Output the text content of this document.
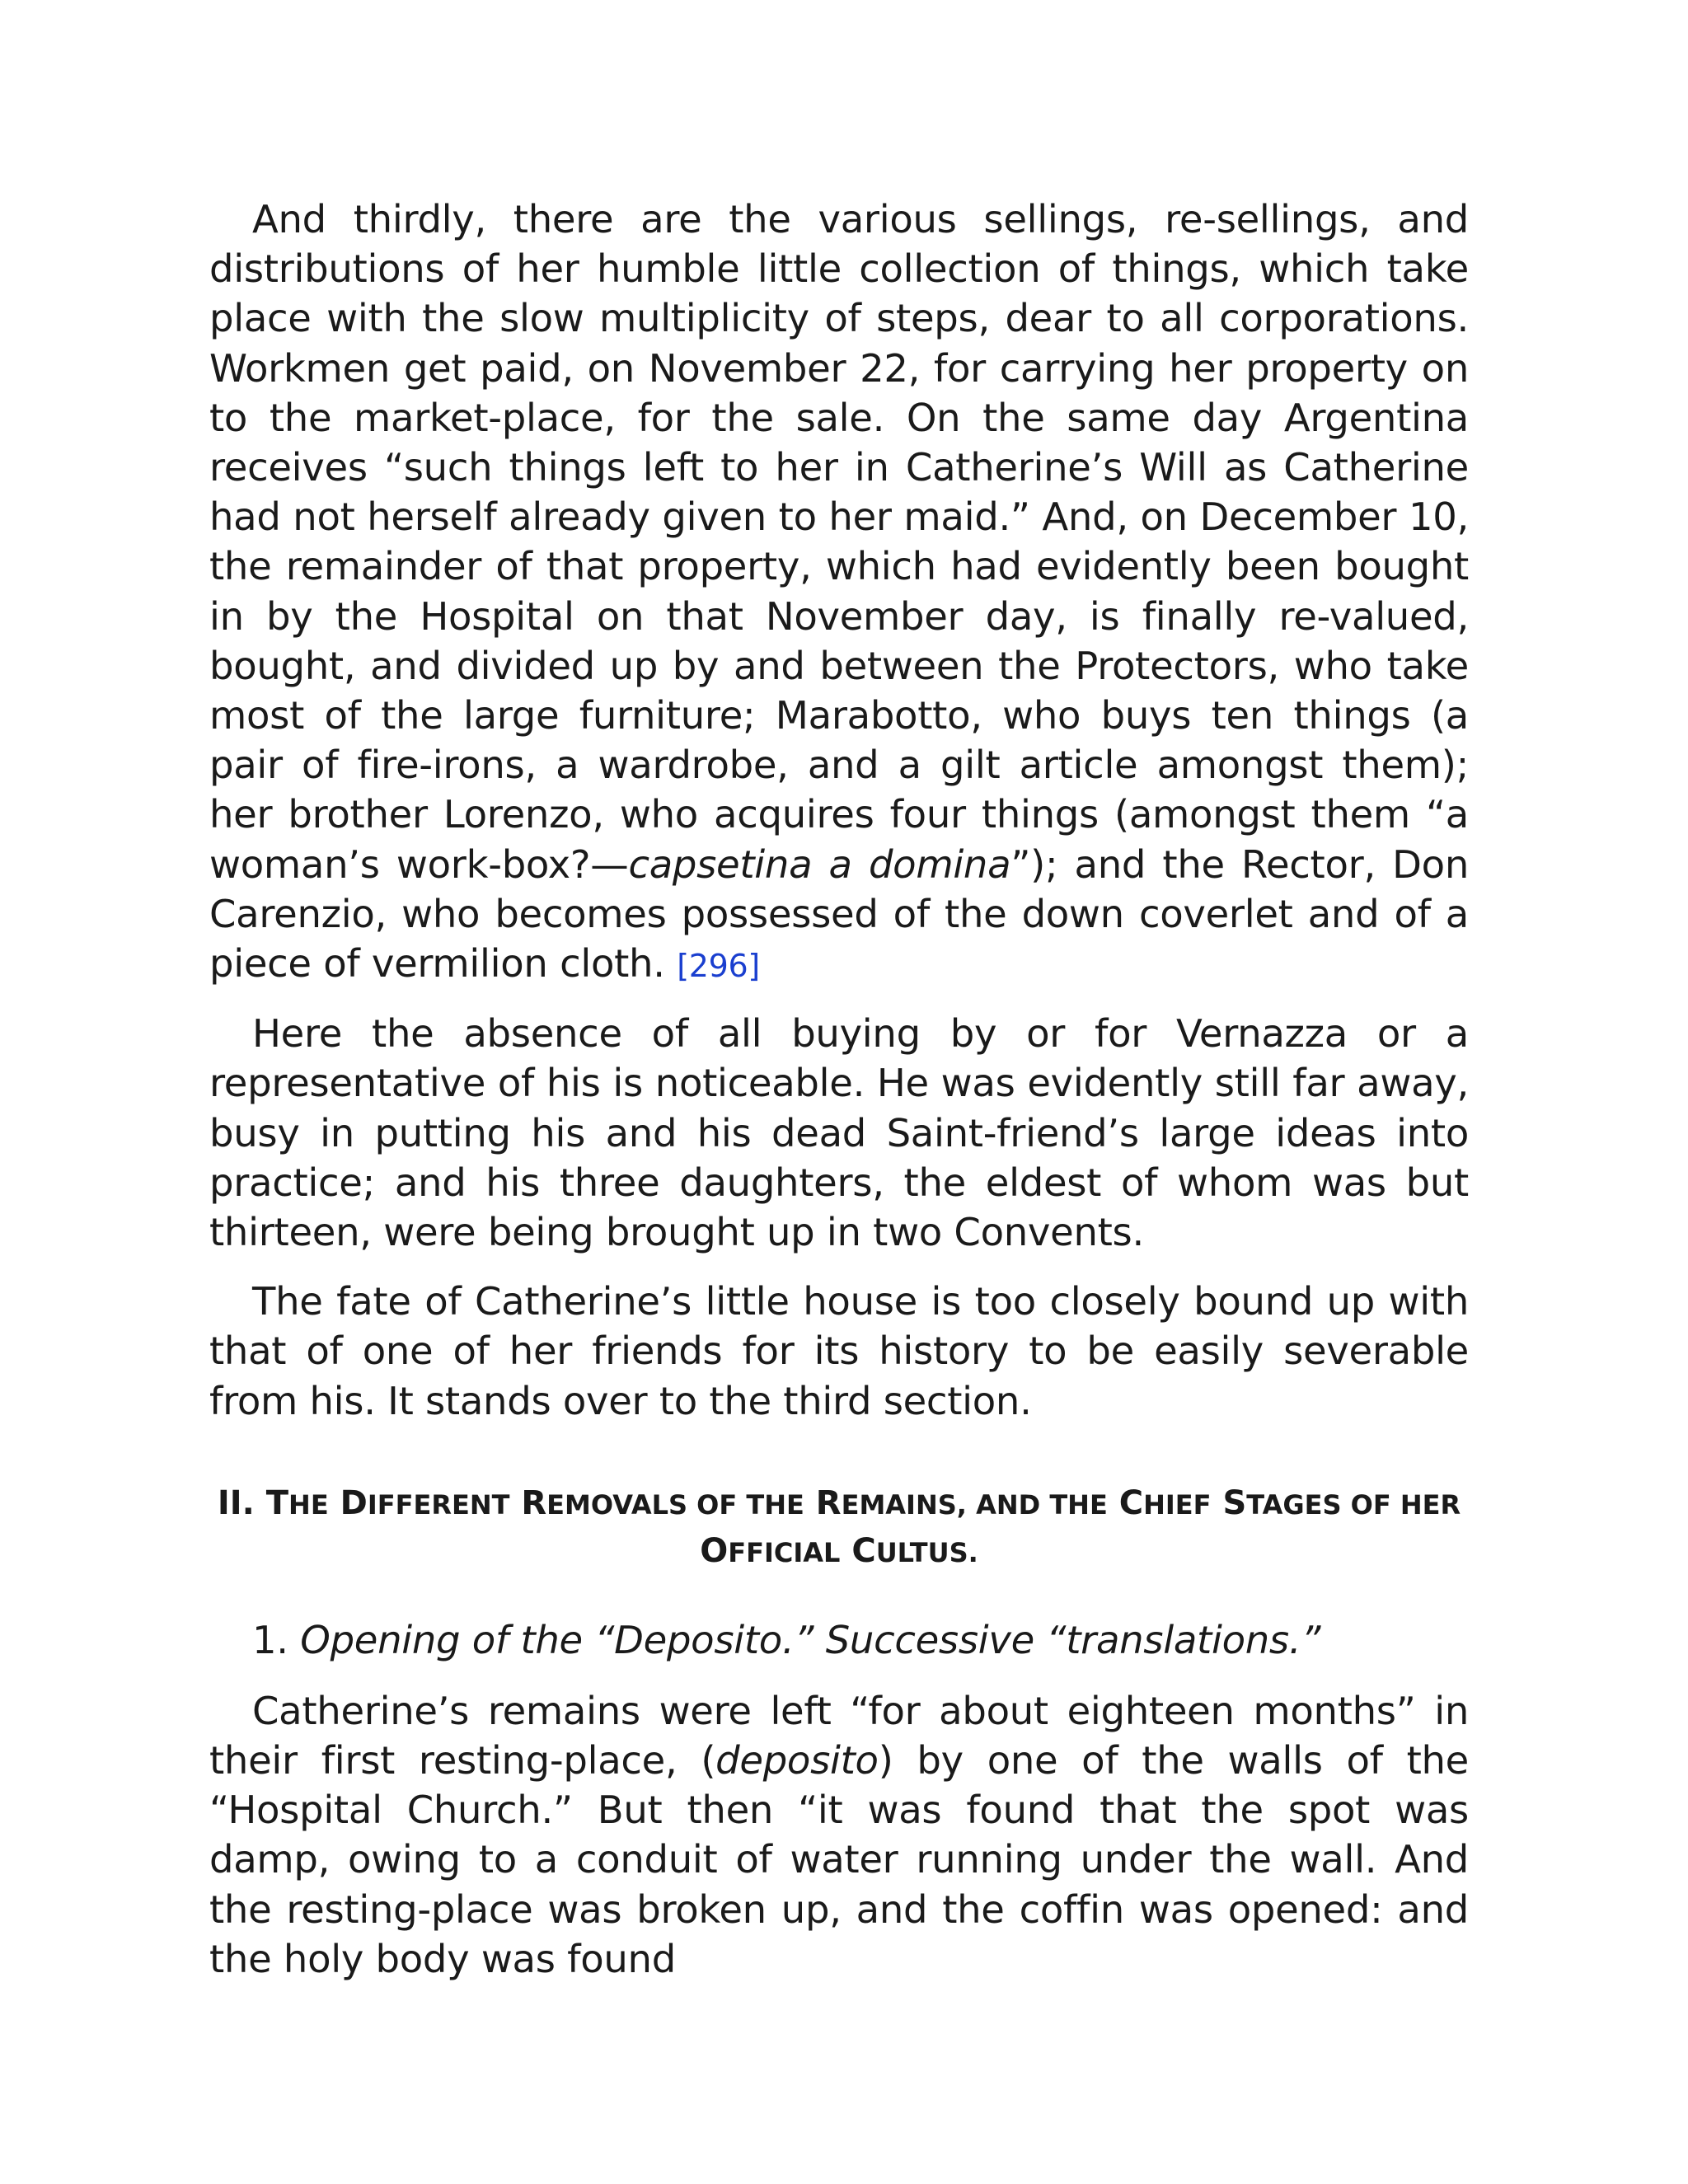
And thirdly, there are the various sellings, re-sellings, and distributions of her humble little collection of things, which take place with the slow multiplicity of steps, dear to all corporations. Workmen get paid, on November 22, for carrying her property on to the market-place, for the sale. On the same day Argentina receives “such things left to her in Catherine’s Will as Catherine had not herself already given to her maid.” And, on December 10, the remainder of that property, which had evidently been bought in by the Hospital on that November day, is finally re-valued, bought, and divided up by and between the Protectors, who take most of the large furniture; Marabotto, who buys ten things (a pair of fire-irons, a wardrobe, and a gilt article amongst them); her brother Lorenzo, who acquires four things (amongst them “a woman’s work-box?—capsetina a domina”); and the Rector, Don Carenzio, who becomes possessed of the down coverlet and of a piece of vermilion cloth. [296]

Here the absence of all buying by or for Vernazza or a representative of his is noticeable. He was evidently still far away, busy in putting his and his dead Saint-friend’s large ideas into practice; and his three daughters, the eldest of whom was but thirteen, were being brought up in two Convents.

The fate of Catherine’s little house is too closely bound up with that of one of her friends for its history to be easily severable from his. It stands over to the third section.

II. THE DIFFERENT REMOVALS OF THE REMAINS, AND THE CHIEF STAGES OF HER OFFICIAL CULTUS.

1. Opening of the “Deposito.” Successive “translations.”

Catherine’s remains were left “for about eighteen months” in their first resting-place, (deposito) by one of the walls of the “Hospital Church.” But then “it was found that the spot was damp, owing to a conduit of water running under the wall. And the resting-place was broken up, and the coffin was opened: and the holy body was found
